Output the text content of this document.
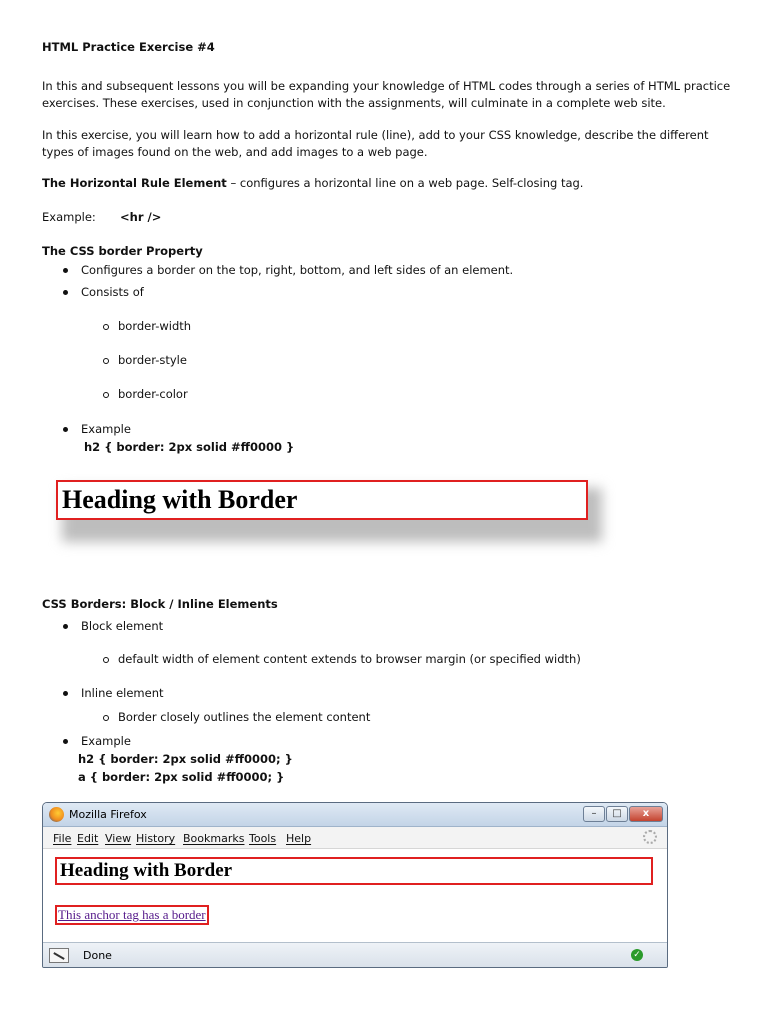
HTML Practice Exercise #4
In this and subsequent lessons you will be expanding your knowledge of HTML codes through a series of HTML practice exercises. These exercises, used in conjunction with the assignments, will culminate in a complete web site.
In this exercise, you will learn how to add a horizontal rule (line), add to your CSS knowledge, describe the different types of images found on the web, and add images to a web page.
The Horizontal Rule Element – configures a horizontal line on a web page. Self-closing tag.
Example: <hr />
The CSS border Property
Configures a border on the top, right, bottom, and left sides of an element.
Consists of
border-width
border-style
border-color
Example
h2 { border: 2px solid #ff0000 }
Heading with Border
CSS Borders: Block / Inline Elements
Block element
default width of element content extends to browser margin (or specified width)
Inline element
Border closely outlines the element content
Example
h2 { border: 2px solid #ff0000; }
a { border: 2px solid #ff0000; }
Mozilla Firefox	–	□	x
File Edit View History Bookmarks Tools Help
Heading with Border
This anchor tag has a border
Done	✓
